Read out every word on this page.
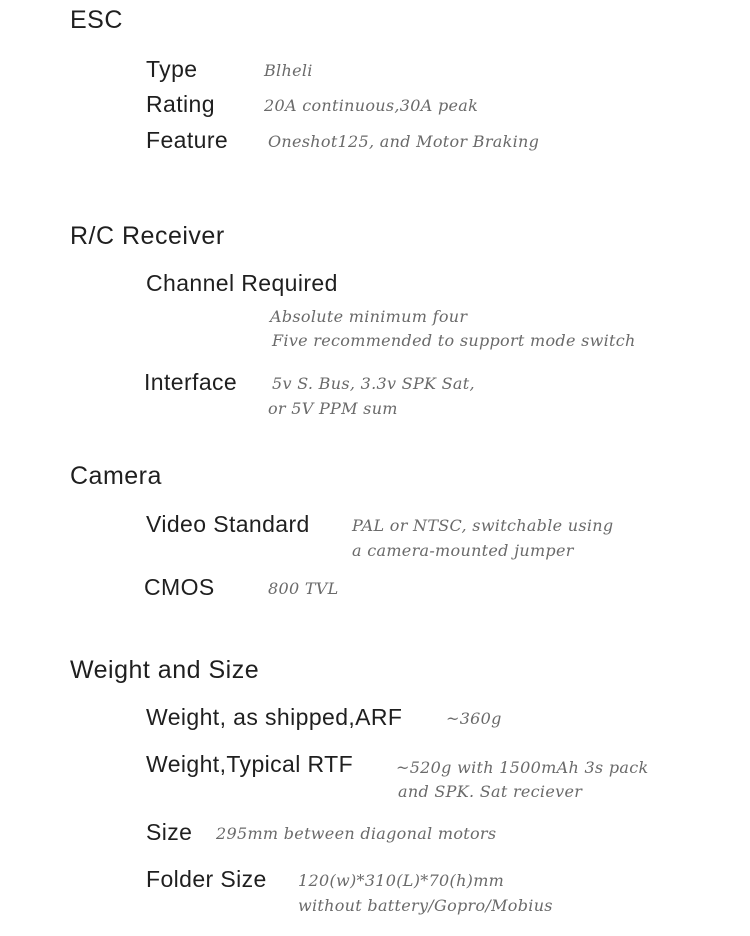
ESC
Type	Blheli
Rating	20A continuous,30A peak
Feature Oneshot125, and Motor Braking
R/C Receiver
Channel Required
Absolute minimum four
Five recommended to support mode switch
Interface 5v S. Bus, 3.3v SPK Sat,
or 5V PPM sum
Camera
Video Standard	PAL or NTSC, switchable using
a camera-mounted jumper
CMOS	800 TVL
Weight and Size
Weight, as shipped,ARF	~360g
Weight,Typical RTF	~520g with 1500mAh 3s pack
and SPK. Sat reciever
Size 295mm between diagonal motors
Folder Size 120(w)*310(L)*70(h)mm
without battery/Gopro/Mobius
